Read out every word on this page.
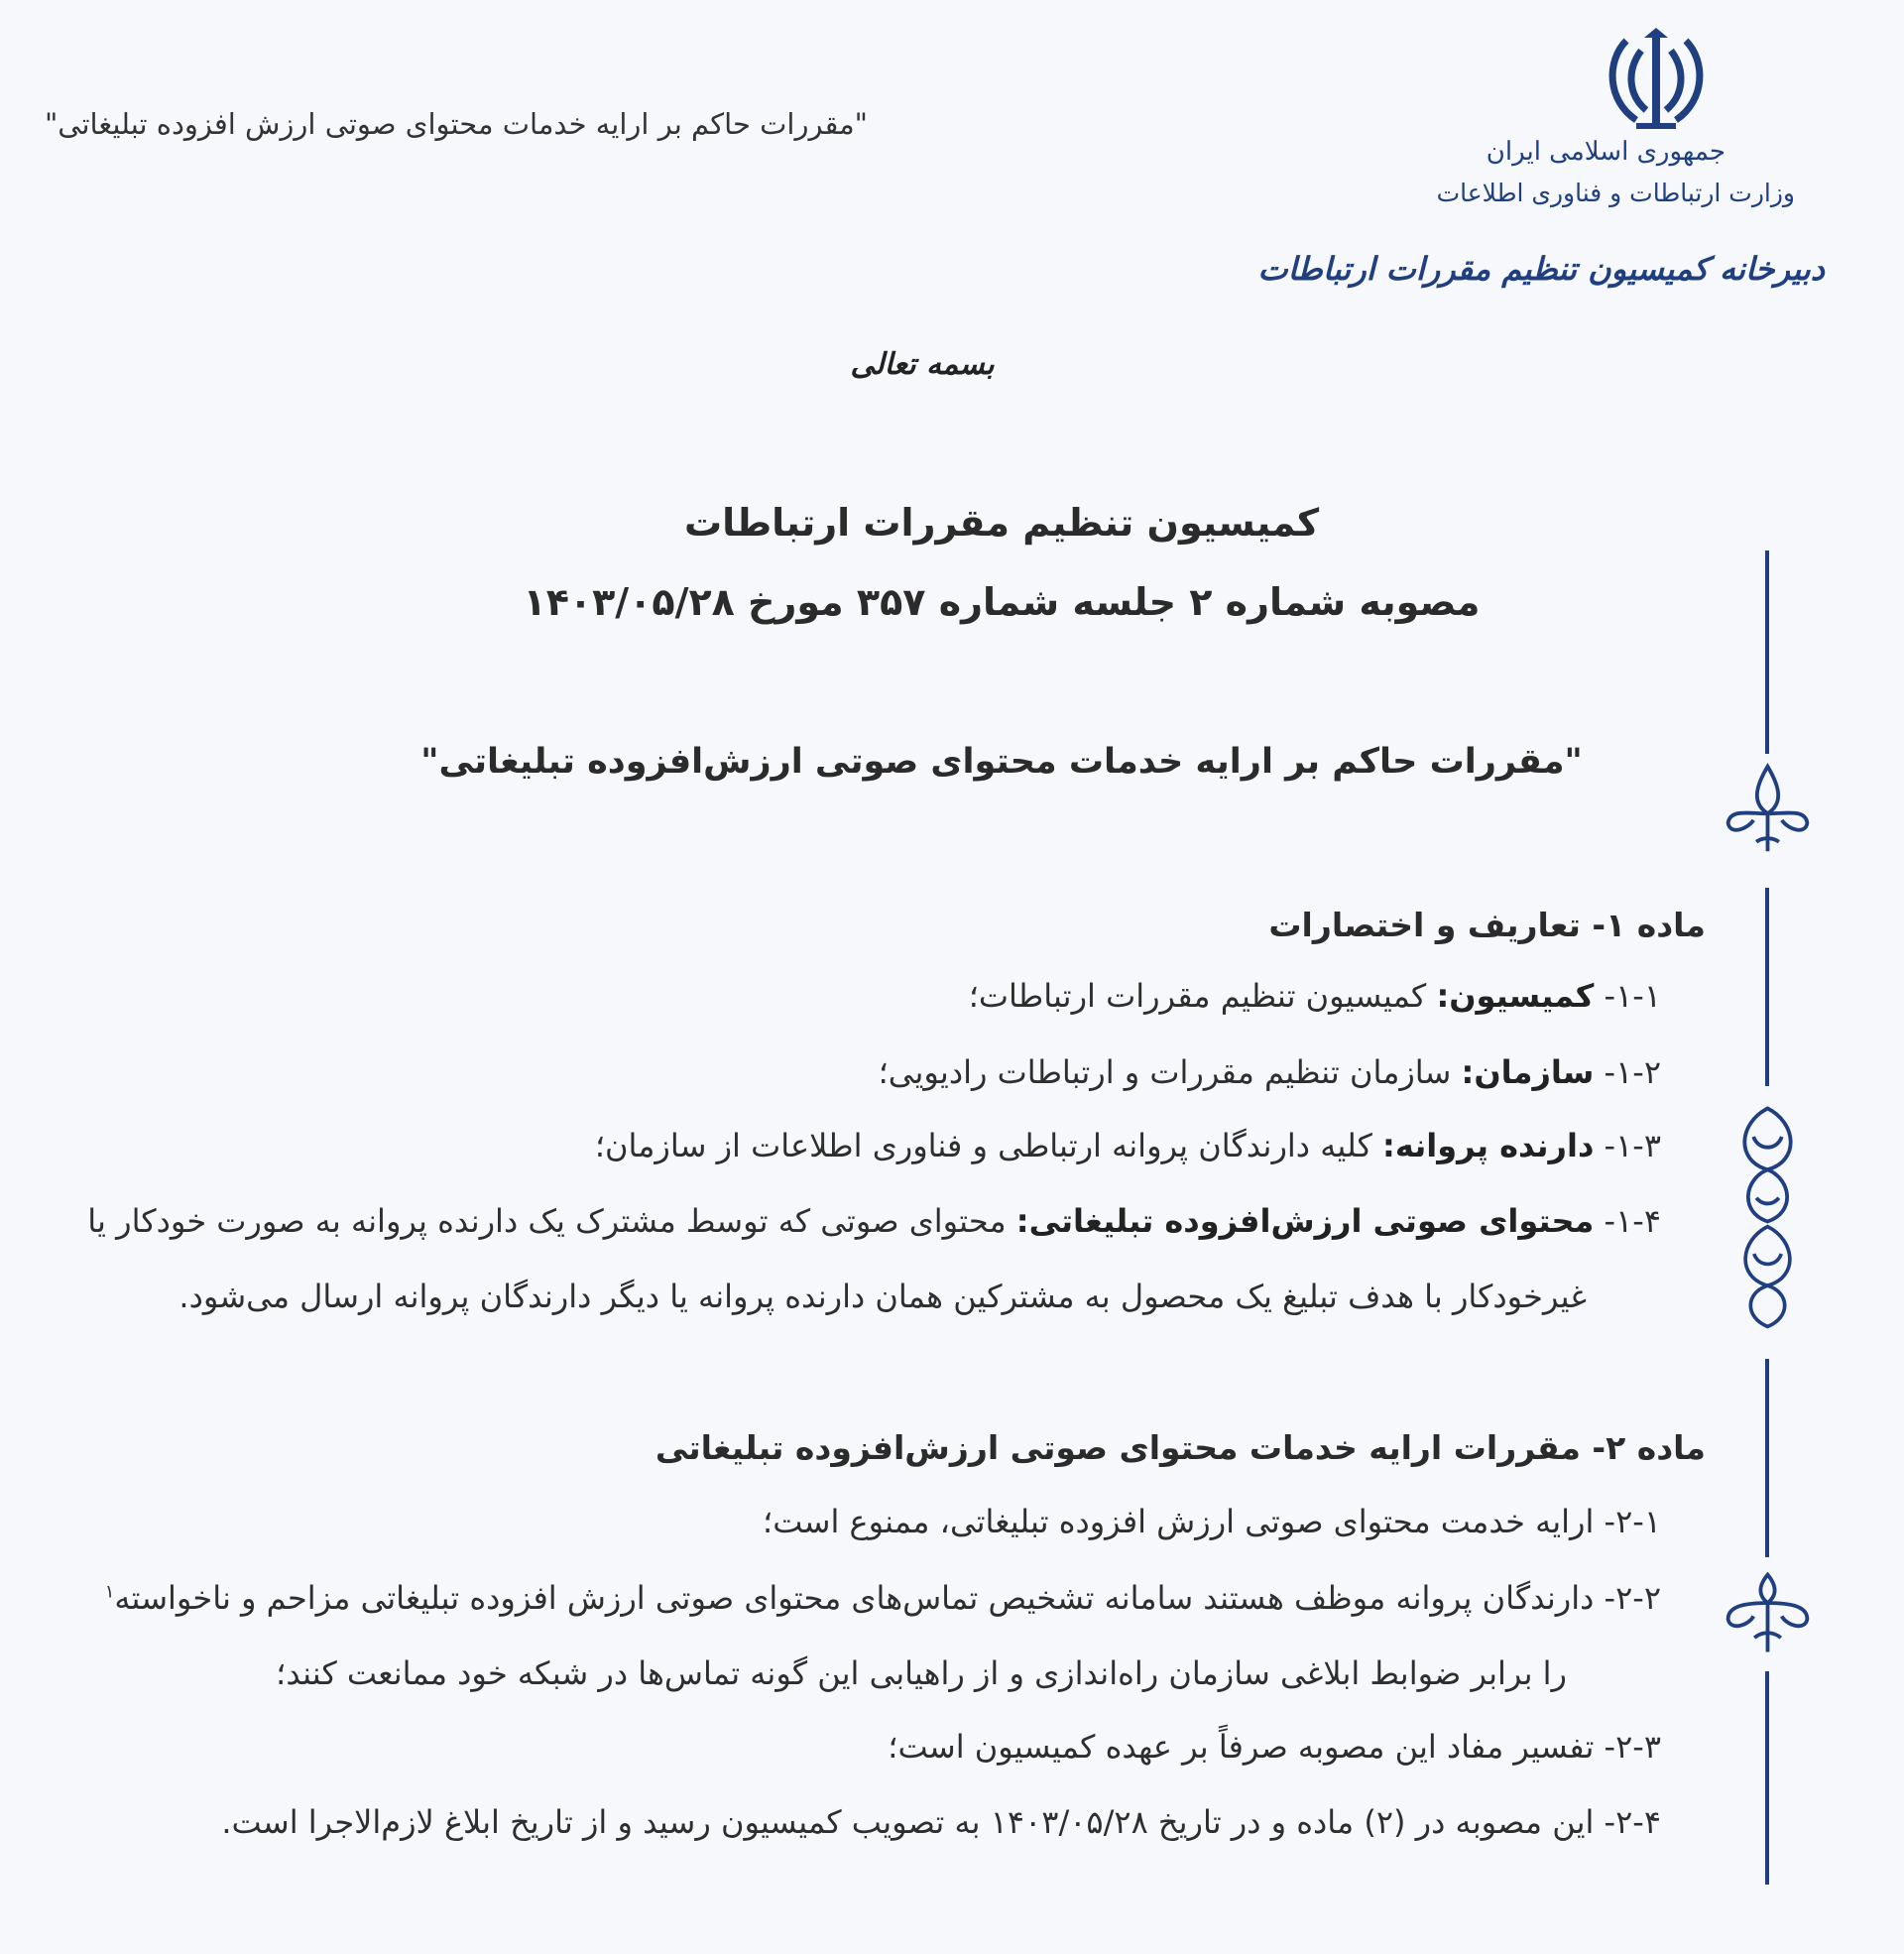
"مقررات حاکم بر ارایه خدمات محتوای صوتی ارزش افزوده تبلیغاتی"
جمهوری اسلامی ایران
وزارت ارتباطات و فناوری اطلاعات
دبیرخانه کمیسیون تنظیم مقررات ارتباطات
بسمه تعالی
کمیسیون تنظیم مقررات ارتباطات
مصوبه شماره ۲ جلسه شماره ۳۵۷ مورخ ۱۴۰۳/۰۵/۲۸
"مقررات حاکم بر ارایه خدمات محتوای صوتی ارزش‌افزوده تبلیغاتی"
ماده ۱- تعاریف و اختصارات
۱-۱- کمیسیون: کمیسیون تنظیم مقررات ارتباطات؛
۱-۲- سازمان: سازمان تنظیم مقررات و ارتباطات رادیویی؛
۱-۳- دارنده پروانه: کلیه دارندگان پروانه ارتباطی و فناوری اطلاعات از سازمان؛
۱-۴- محتوای صوتی ارزش‌افزوده تبلیغاتی: محتوای صوتی که توسط مشترک یک دارنده پروانه به صورت خودکار یا
غیرخودکار با هدف تبلیغ یک محصول به مشترکین همان دارنده پروانه یا دیگر دارندگان پروانه ارسال می‌شود.
ماده ۲- مقررات ارایه خدمات محتوای صوتی ارزش‌افزوده تبلیغاتی
۲-۱- ارایه خدمت محتوای صوتی ارزش افزوده تبلیغاتی، ممنوع است؛
۲-۲- دارندگان پروانه موظف هستند سامانه تشخیص تماس‌های محتوای صوتی ارزش افزوده تبلیغاتی مزاحم و ناخواسته$^۱$
را برابر ضوابط ابلاغی سازمان راه‌اندازی و از راهیابی این گونه تماس‌ها در شبکه خود ممانعت کنند؛
۲-۳- تفسیر مفاد این مصوبه صرفاً بر عهده کمیسیون است؛
۲-۴- این مصوبه در (۲) ماده و در تاریخ ۱۴۰۳/۰۵/۲۸ به تصویب کمیسیون رسید و از تاریخ ابلاغ لازم‌الاجرا است.
